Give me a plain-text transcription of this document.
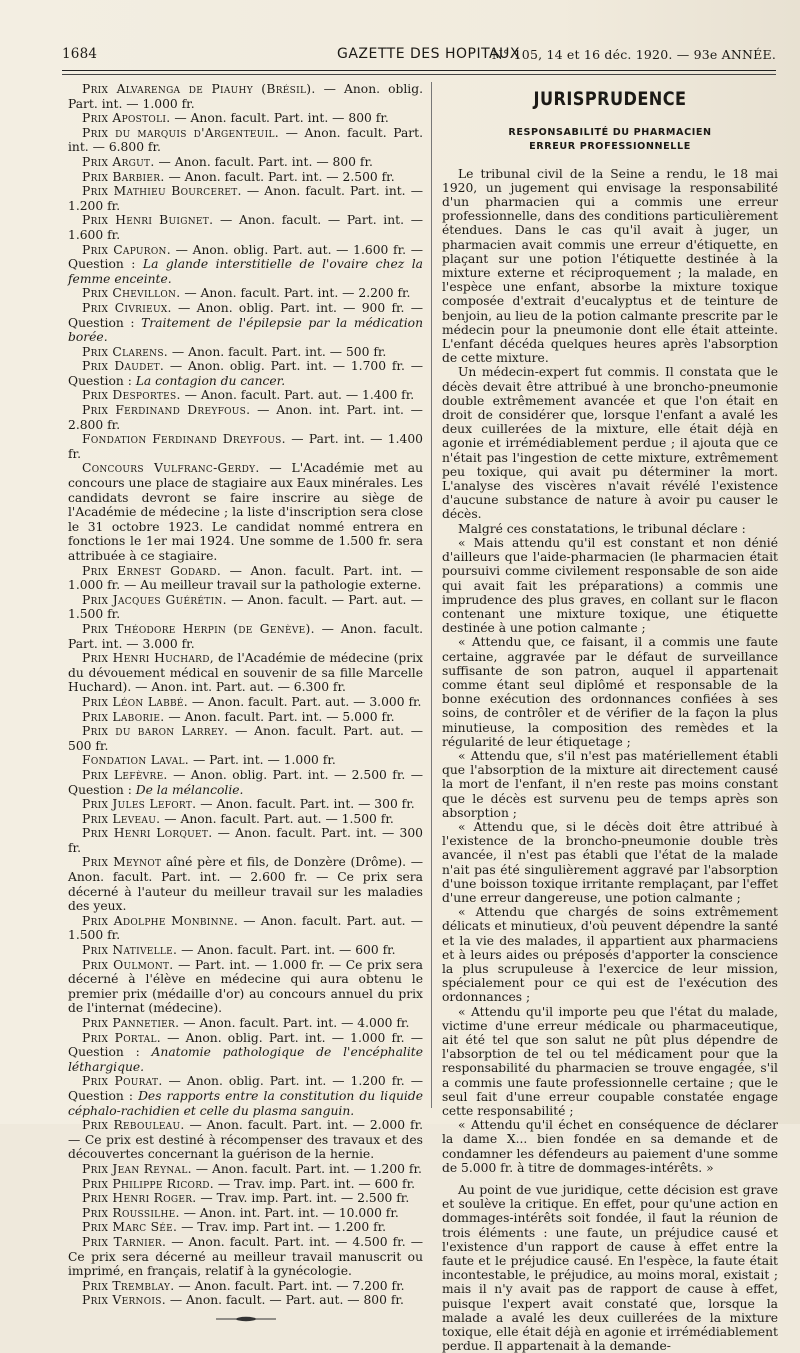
1684	GAZETTE DES HOPITAUX
N° 105, 14 et 16 déc. 1920. — 93e ANNÉE.

Prix Alvarenga de Piauhy (Brésil). — Anon. oblig. Part. int. — 1.000 fr.

Prix Apostoli. — Anon. facult. Part. int. — 800 fr.

Prix du marquis d'Argenteuil. — Anon. facult. Part. int. — 6.800 fr.

Prix Argut. — Anon. facult. Part. int. — 800 fr.

Prix Barbier. — Anon. facult. Part. int. — 2.500 fr.

Prix Mathieu Bourceret. — Anon. facult. Part. int. — 1.200 fr.

Prix Henri Buignet. — Anon. facult. — Part. int. — 1.600 fr.

Prix Capuron. — Anon. oblig. Part. aut. — 1.600 fr. — Question : La glande interstitielle de l'ovaire chez la femme enceinte.

Prix Chevillon. — Anon. facult. Part. int. — 2.200 fr.

Prix Civrieux. — Anon. oblig. Part. int. — 900 fr. — Question : Traitement de l'épilepsie par la médication borée.

Prix Clarens. — Anon. facult. Part. int. — 500 fr.

Prix Daudet. — Anon. oblig. Part. int. — 1.700 fr. — Question : La contagion du cancer.

Prix Desportes. — Anon. facult. Part. aut. — 1.400 fr.

Prix Ferdinand Dreyfous. — Anon. int. Part. int. — 2.800 fr.

Fondation Ferdinand Dreyfous. — Part. int. — 1.400 fr.

Concours Vulfranc-Gerdy. — L'Académie met au concours une place de stagiaire aux Eaux minérales. Les candidats devront se faire inscrire au siège de l'Académie de médecine ; la liste d'inscription sera close le 31 octobre 1923. Le candidat nommé entrera en fonctions le 1er mai 1924. Une somme de 1.500 fr. sera attribuée à ce stagiaire.

Prix Ernest Godard. — Anon. facult. Part. int. — 1.000 fr. — Au meilleur travail sur la pathologie externe.

Prix Jacques Guérétin. — Anon. facult. — Part. aut. — 1.500 fr.

Prix Théodore Herpin (de Genève). — Anon. facult. Part. int. — 3.000 fr.

Prix Henri Huchard, de l'Académie de médecine (prix du dévouement médical en souvenir de sa fille Marcelle Huchard). — Anon. int. Part. aut. — 6.300 fr.

Prix Léon Labbé. — Anon. facult. Part. aut. — 3.000 fr.

Prix Laborie. — Anon. facult. Part. int. — 5.000 fr.

Prix du baron Larrey. — Anon. facult. Part. aut. — 500 fr.

Fondation Laval. — Part. int. — 1.000 fr.

Prix Lefèvre. — Anon. oblig. Part. int. — 2.500 fr. — Question : De la mélancolie.

Prix Jules Lefort. — Anon. facult. Part. int. — 300 fr.

Prix Leveau. — Anon. facult. Part. aut. — 1.500 fr.

Prix Henri Lorquet. — Anon. facult. Part. int. — 300 fr.

Prix Meynot aîné père et fils, de Donzère (Drôme). — Anon. facult. Part. int. — 2.600 fr. — Ce prix sera décerné à l'auteur du meilleur travail sur les maladies des yeux.

Prix Adolphe Monbinne. — Anon. facult. Part. aut. — 1.500 fr.

Prix Nativelle. — Anon. facult. Part. int. — 600 fr.

Prix Oulmont. — Part. int. — 1.000 fr. — Ce prix sera décerné à l'élève en médecine qui aura obtenu le premier prix (médaille d'or) au concours annuel du prix de l'internat (médecine).

Prix Pannetier. — Anon. facult. Part. int. — 4.000 fr.

Prix Portal. — Anon. oblig. Part. int. — 1.000 fr. — Question : Anatomie pathologique de l'encéphalite léthargique.

Prix Pourat. — Anon. oblig. Part. int. — 1.200 fr. — Question : Des rapports entre la constitution du liquide céphalo-rachidien et celle du plasma sanguin.

Prix Rebouleau. — Anon. facult. Part. int. — 2.000 fr. — Ce prix est destiné à récompenser des travaux et des découvertes concernant la guérison de la hernie.

Prix Jean Reynal. — Anon. facult. Part. int. — 1.200 fr.

Prix Philippe Ricord. — Trav. imp. Part. int. — 600 fr.

Prix Henri Roger. — Trav. imp. Part. int. — 2.500 fr.

Prix Roussilhe. — Anon. int. Part. int. — 10.000 fr.

Prix Marc Sée. — Trav. imp. Part int. — 1.200 fr.

Prix Tarnier. — Anon. facult. Part. int. — 4.500 fr. — Ce prix sera décerné au meilleur travail manuscrit ou imprimé, en français, relatif à la gynécologie.

Prix Tremblay. — Anon. facult. Part. int. — 7.200 fr.

Prix Vernois. — Anon. facult. — Part. aut. — 800 fr.

JURISPRUDENCE

RESPONSABILITÉ DU PHARMACIEN

ERREUR PROFESSIONNELLE

Le tribunal civil de la Seine a rendu, le 18 mai 1920, un jugement qui envisage la responsabilité d'un pharmacien qui a commis une erreur professionnelle, dans des conditions particulièrement étendues. Dans le cas qu'il avait à juger, un pharmacien avait commis une erreur d'étiquette, en plaçant sur une potion l'étiquette destinée à la mixture externe et réciproquement ; la malade, en l'espèce une enfant, absorbe la mixture toxique composée d'extrait d'eucalyptus et de teinture de benjoin, au lieu de la potion calmante prescrite par le médecin pour la pneumonie dont elle était atteinte. L'enfant décéda quelques heures après l'absorption de cette mixture.

Un médecin-expert fut commis. Il constata que le décès devait être attribué à une broncho-pneumonie double extrêmement avancée et que l'on était en droit de considérer que, lorsque l'enfant a avalé les deux cuillerées de la mixture, elle était déjà en agonie et irrémédiablement perdue ; il ajouta que ce n'était pas l'ingestion de cette mixture, extrêmement peu toxique, qui avait pu déterminer la mort. L'analyse des viscères n'avait révélé l'existence d'aucune substance de nature à avoir pu causer le décès.

Malgré ces constatations, le tribunal déclare :

« Mais attendu qu'il est constant et non dénié d'ailleurs que l'aide-pharmacien (le pharmacien était poursuivi comme civilement responsable de son aide qui avait fait les préparations) a commis une imprudence des plus graves, en collant sur le flacon contenant une mixture toxique, une étiquette destinée à une potion calmante ;

« Attendu que, ce faisant, il a commis une faute certaine, aggravée par le défaut de surveillance suffisante de son patron, auquel il appartenait comme étant seul diplômé et responsable de la bonne exécution des ordonnances confiées à ses soins, de contrôler et de vérifier de la façon la plus minutieuse, la composition des remèdes et la régularité de leur étiquetage ;

« Attendu que, s'il n'est pas matériellement établi que l'absorption de la mixture ait directement causé la mort de l'enfant, il n'en reste pas moins constant que le décès est survenu peu de temps après son absorption ;

« Attendu que, si le décès doit être attribué à l'existence de la broncho-pneumonie double très avancée, il n'est pas établi que l'état de la malade n'ait pas été singulièrement aggravé par l'absorption d'une boisson toxique irritante remplaçant, par l'effet d'une erreur dangereuse, une potion calmante ;

« Attendu que chargés de soins extrêmement délicats et minutieux, d'où peuvent dépendre la santé et la vie des malades, il appartient aux pharmaciens et à leurs aides ou préposés d'apporter la conscience la plus scrupuleuse à l'exercice de leur mission, spécialement pour ce qui est de l'exécution des ordonnances ;

« Attendu qu'il importe peu que l'état du malade, victime d'une erreur médicale ou pharmaceutique, ait été tel que son salut ne pût plus dépendre de l'absorption de tel ou tel médicament pour que la responsabilité du pharmacien se trouve engagée, s'il a commis une faute professionnelle certaine ; que le seul fait d'une erreur coupable constatée engage cette responsabilité ;

« Attendu qu'il échet en conséquence de déclarer la dame X... bien fondée en sa demande et de condamner les défendeurs au paiement d'une somme de 5.000 fr. à titre de dommages-intérêts. »

Au point de vue juridique, cette décision est grave et soulève la critique. En effet, pour qu'une action en dommages-intérêts soit fondée, il faut la réunion de trois éléments : une faute, un préjudice causé et l'existence d'un rapport de cause à effet entre la faute et le préjudice causé. En l'espèce, la faute était incontestable, le préjudice, au moins moral, existait ; mais il n'y avait pas de rapport de cause à effet, puisque l'expert avait constaté que, lorsque la malade a avalé les deux cuillerées de la mixture toxique, elle était déjà en agonie et irrémédiablement perdue. Il appartenait à la demande-
